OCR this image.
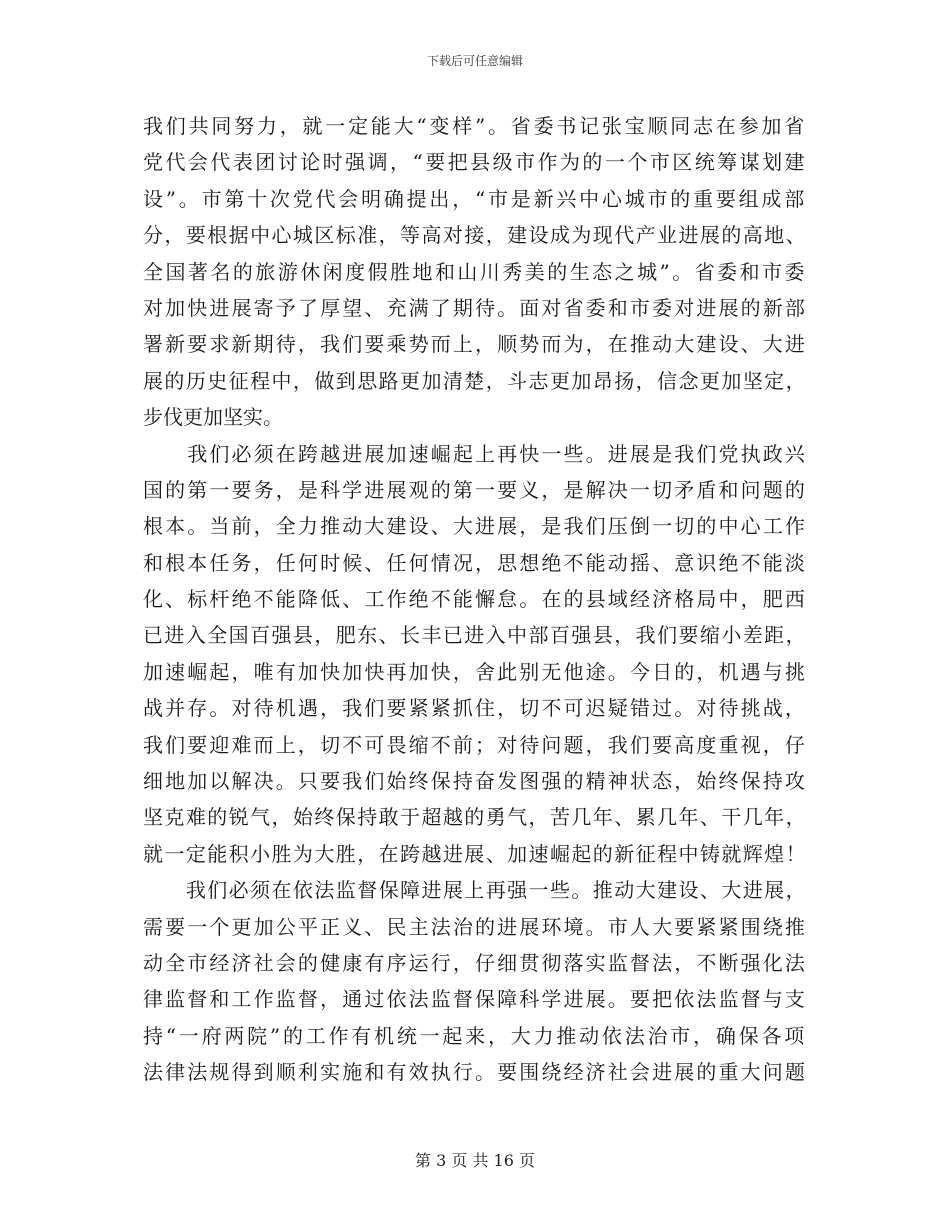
下载后可任意编辑
我们共同努力，就一定能大“变样”。省委书记张宝顺同志在参加省
党代会代表团讨论时强调，“要把县级市作为的一个市区统筹谋划建
设”。市第十次党代会明确提出，“市是新兴中心城市的重要组成部
分，要根据中心城区标准，等高对接，建设成为现代产业进展的高地、
全国著名的旅游休闲度假胜地和山川秀美的生态之城”。省委和市委
对加快进展寄予了厚望、充满了期待。面对省委和市委对进展的新部
署新要求新期待，我们要乘势而上，顺势而为，在推动大建设、大进
展的历史征程中，做到思路更加清楚，斗志更加昂扬，信念更加坚定，
步伐更加坚实。
　　我们必须在跨越进展加速崛起上再快一些。进展是我们党执政兴
国的第一要务，是科学进展观的第一要义，是解决一切矛盾和问题的
根本。当前，全力推动大建设、大进展，是我们压倒一切的中心工作
和根本任务，任何时候、任何情况，思想绝不能动摇、意识绝不能淡
化、标杆绝不能降低、工作绝不能懈怠。在的县域经济格局中，肥西
已进入全国百强县，肥东、长丰已进入中部百强县，我们要缩小差距，
加速崛起，唯有加快加快再加快，舍此别无他途。今日的，机遇与挑
战并存。对待机遇，我们要紧紧抓住，切不可迟疑错过。对待挑战，
我们要迎难而上，切不可畏缩不前；对待问题，我们要高度重视，仔
细地加以解决。只要我们始终保持奋发图强的精神状态，始终保持攻
坚克难的锐气，始终保持敢于超越的勇气，苦几年、累几年、干几年，
就一定能积小胜为大胜，在跨越进展、加速崛起的新征程中铸就辉煌！
　　我们必须在依法监督保障进展上再强一些。推动大建设、大进展，
需要一个更加公平正义、民主法治的进展环境。市人大要紧紧围绕推
动全市经济社会的健康有序运行，仔细贯彻落实监督法，不断强化法
律监督和工作监督，通过依法监督保障科学进展。要把依法监督与支
持“一府两院”的工作有机统一起来，大力推动依法治市，确保各项
法律法规得到顺利实施和有效执行。要围绕经济社会进展的重大问题
第 3 页 共 16 页
